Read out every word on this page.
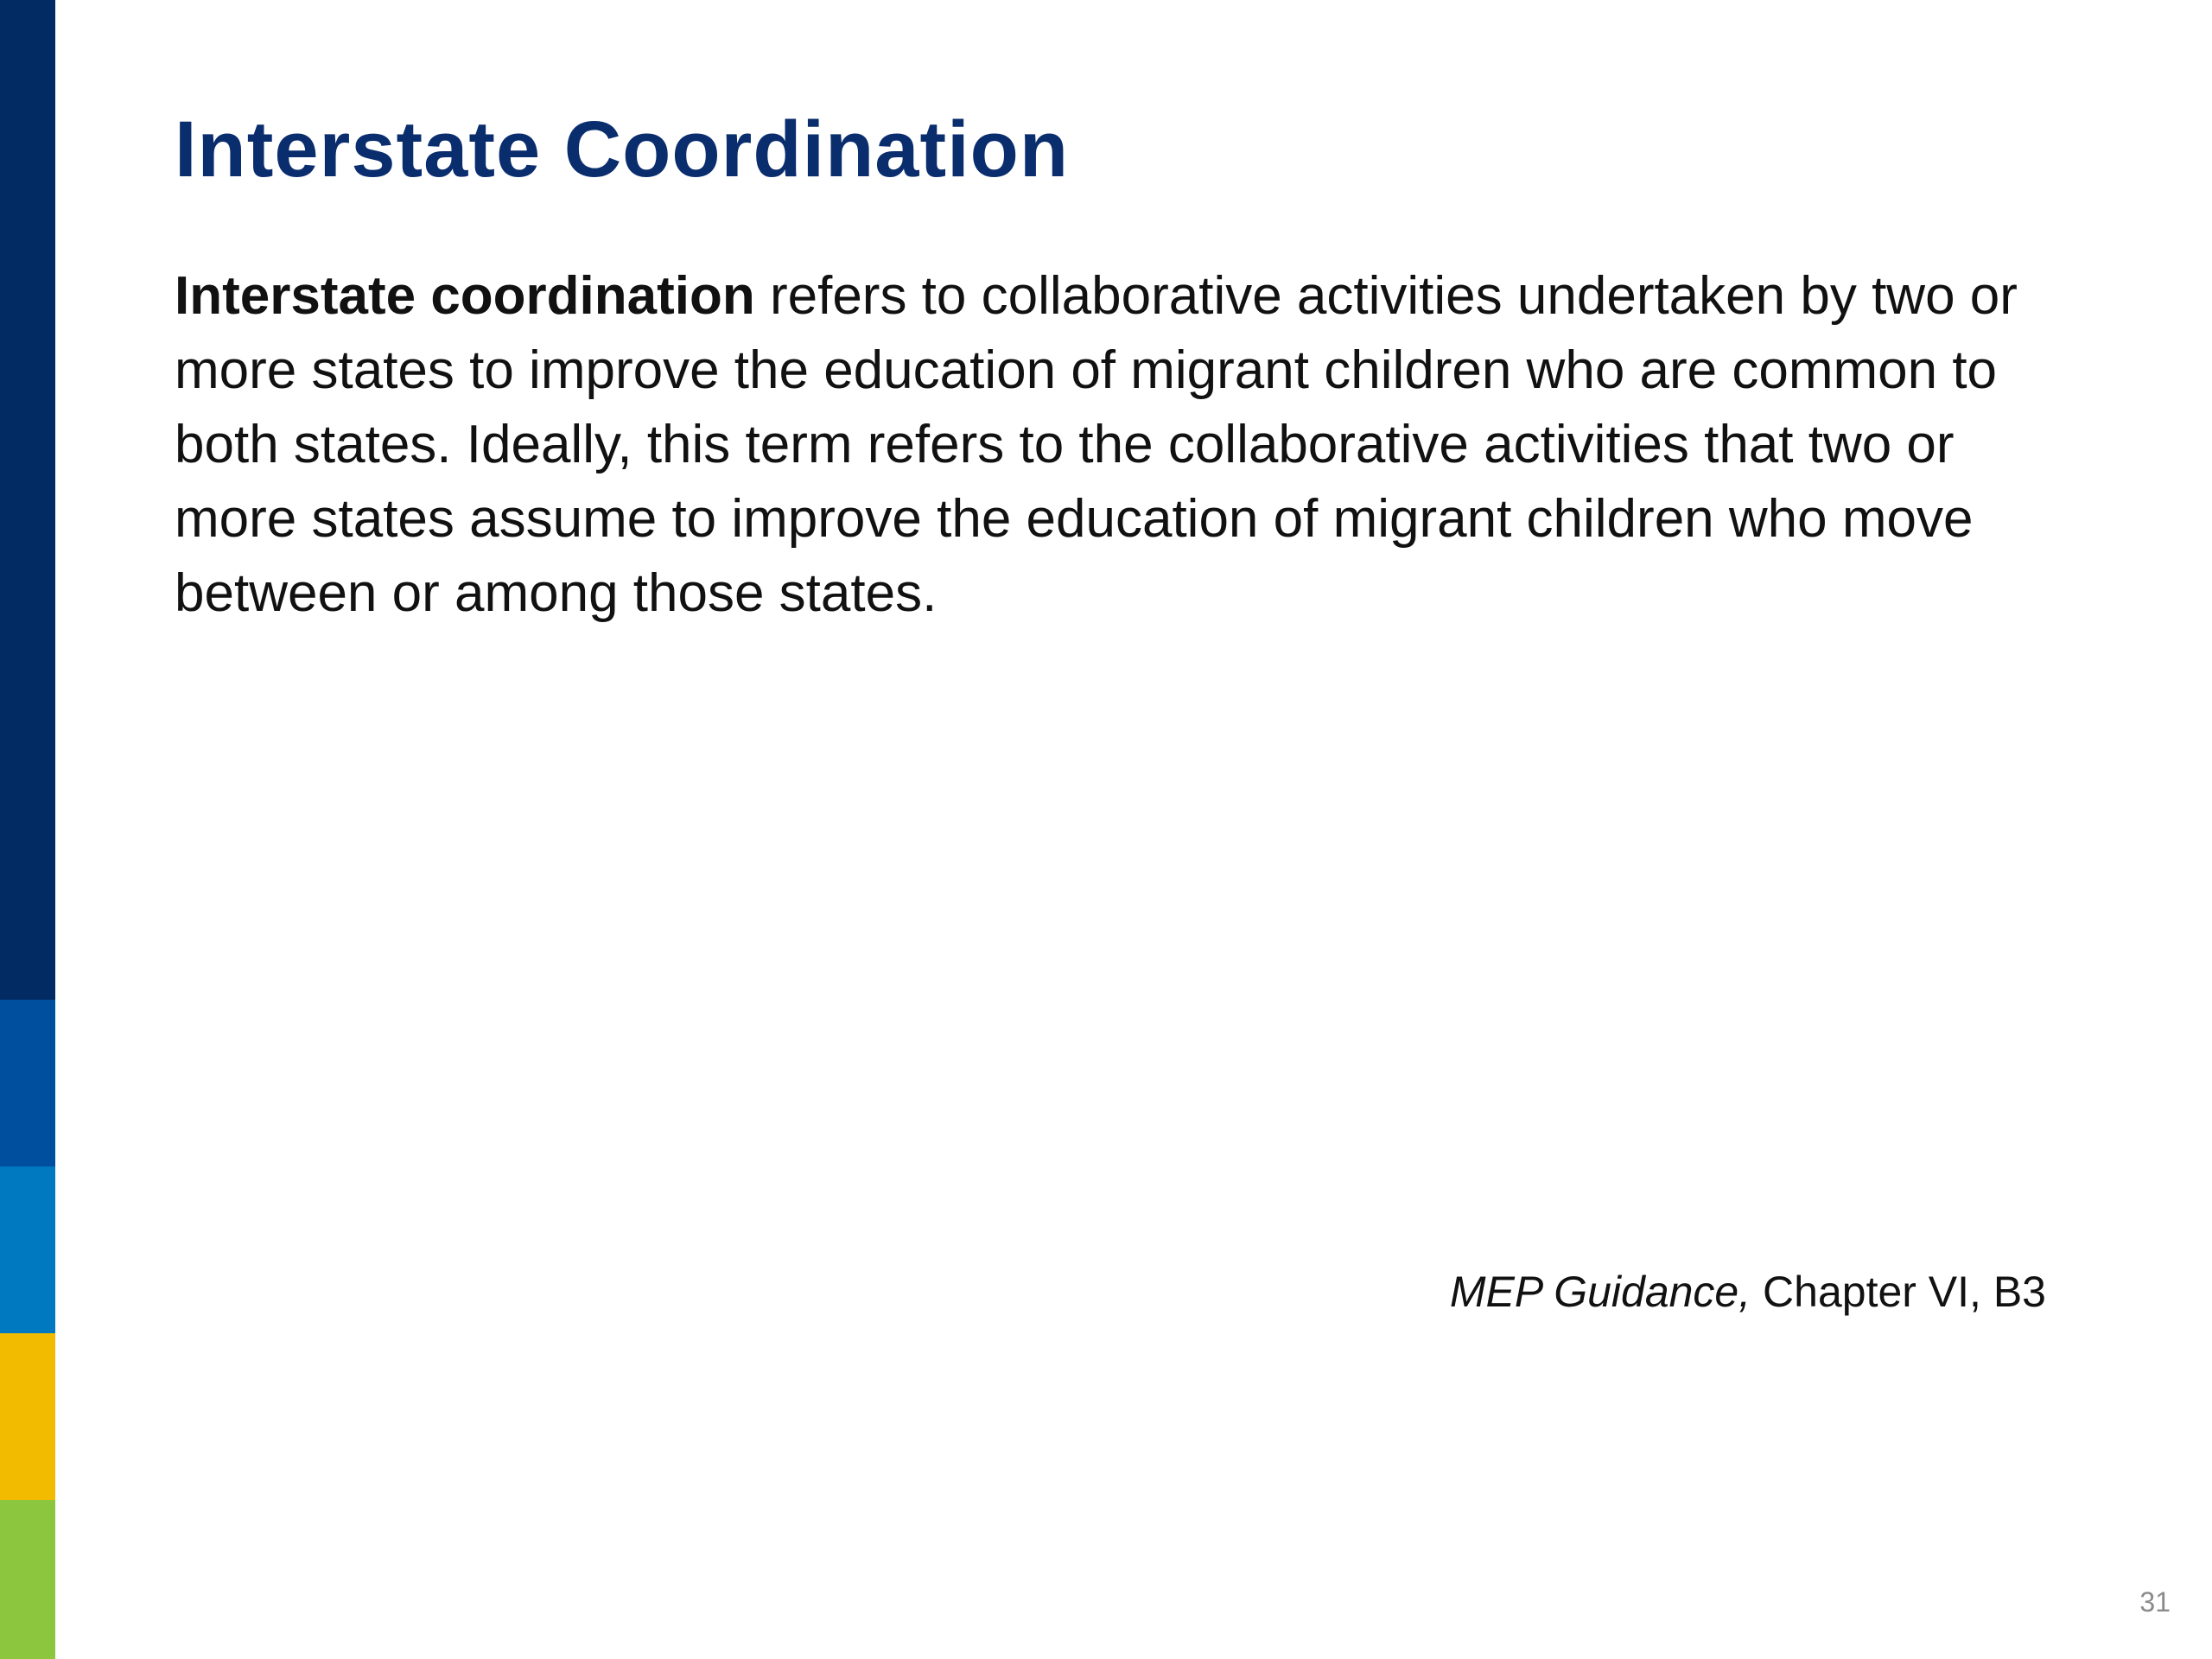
Interstate Coordination

Interstate coordination refers to collaborative activities undertaken by two or more states to improve the education of migrant children who are common to both states. Ideally, this term refers to the collaborative activities that two or more states assume to improve the education of migrant children who move between or among those states.

MEP Guidance, Chapter VI, B3

31
